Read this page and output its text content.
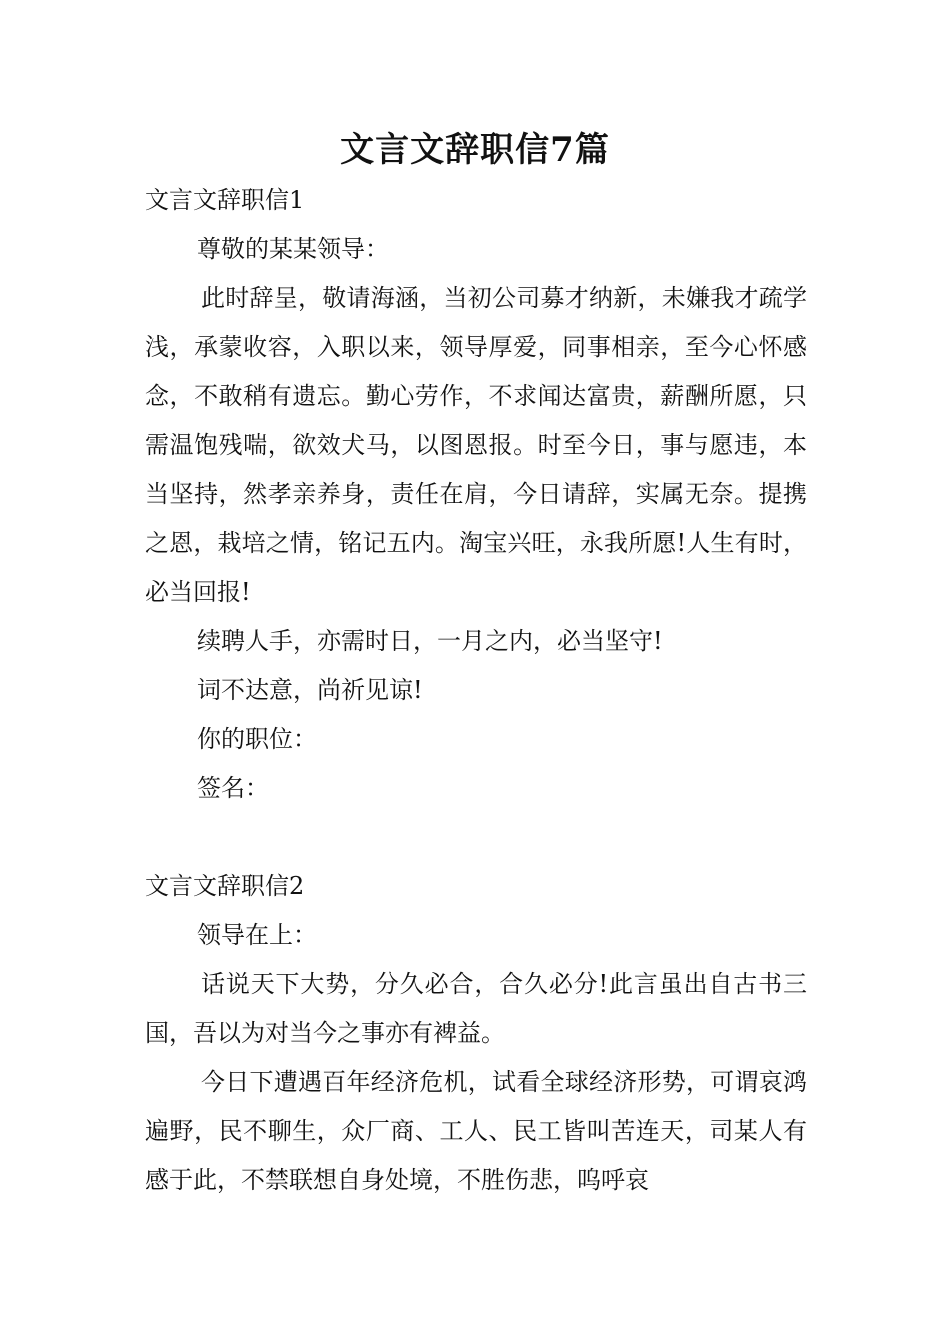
文言文辞职信7篇

文言文辞职信1

尊敬的某某领导：

此时辞呈，敬请海涵，当初公司募才纳新，未嫌我才疏学浅，承蒙收容，入职以来，领导厚爱，同事相亲，至今心怀感念，不敢稍有遗忘。勤心劳作，不求闻达富贵，薪酬所愿，只需温饱残喘，欲效犬马，以图恩报。时至今日，事与愿违，本当坚持，然孝亲养身，责任在肩，今日请辞，实属无奈。提携之恩，栽培之情，铭记五内。淘宝兴旺，永我所愿!人生有时，必当回报!

续聘人手，亦需时日，一月之内，必当坚守!

词不达意，尚祈见谅!

你的职位：

签名：

文言文辞职信2

领导在上：

话说天下大势，分久必合，合久必分!此言虽出自古书三国，吾以为对当今之事亦有裨益。

今日下遭遇百年经济危机，试看全球经济形势，可谓哀鸿遍野，民不聊生，众厂商、工人、民工皆叫苦连天，司某人有感于此，不禁联想自身处境，不胜伤悲，呜呼哀
